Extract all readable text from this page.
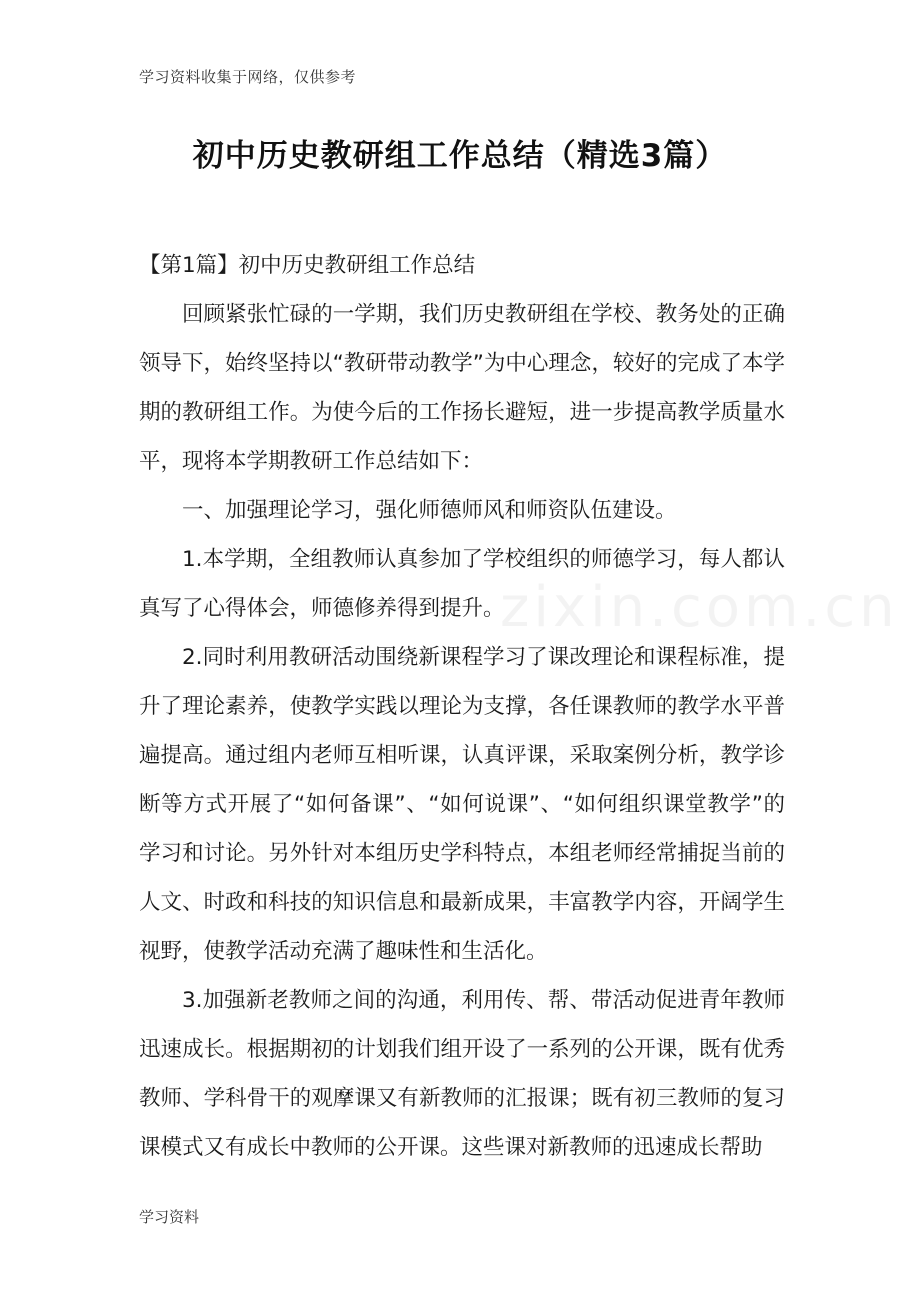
学习资料收集于网络，仅供参考
初中历史教研组工作总结（精选3篇）
zixin.com.cn

【第1篇】初中历史教研组工作总结

回顾紧张忙碌的一学期，我们历史教研组在学校、教务处的正确领导下，始终坚持以“教研带动教学”为中心理念，较好的完成了本学期的教研组工作。为使今后的工作扬长避短，进一步提高教学质量水平，现将本学期教研工作总结如下：

一、加强理论学习，强化师德师风和师资队伍建设。

1.本学期，全组教师认真参加了学校组织的师德学习，每人都认真写了心得体会，师德修养得到提升。

2.同时利用教研活动围绕新课程学习了课改理论和课程标准，提升了理论素养，使教学实践以理论为支撑，各任课教师的教学水平普遍提高。通过组内老师互相听课，认真评课，采取案例分析，教学诊断等方式开展了“如何备课”、“如何说课”、“如何组织课堂教学”的学习和讨论。另外针对本组历史学科特点，本组老师经常捕捉当前的人文、时政和科技的知识信息和最新成果，丰富教学内容，开阔学生视野，使教学活动充满了趣味性和生活化。

3.加强新老教师之间的沟通，利用传、帮、带活动促进青年教师迅速成长。根据期初的计划我们组开设了一系列的公开课，既有优秀教师、学科骨干的观摩课又有新教师的汇报课；既有初三教师的复习课模式又有成长中教师的公开课。这些课对新教师的迅速成长帮助

学习资料
